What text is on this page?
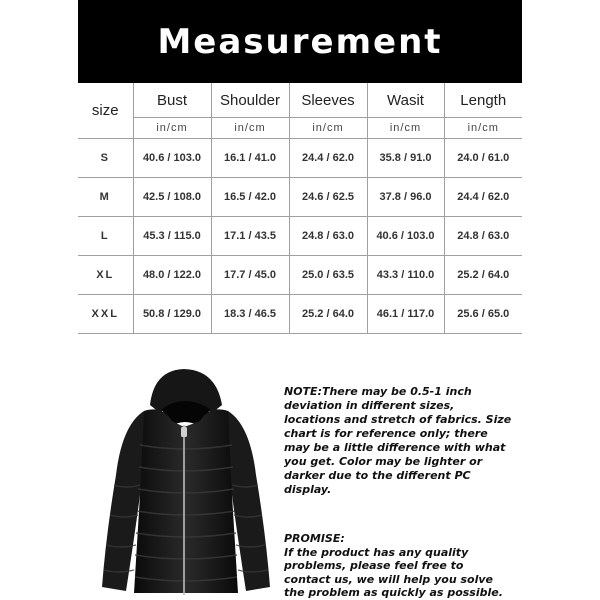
Measurement
size	Bust	Shoulder	Sleeves	Wasit	Length
	in/cm	in/cm	in/cm	in/cm	in/cm
S	40.6 / 103.0	16.1 / 41.0	24.4 / 62.0	35.8 / 91.0	24.0 / 61.0
M	42.5 / 108.0	16.5 / 42.0	24.6 / 62.5	37.8 / 96.0	24.4 / 62.0
L	45.3 / 115.0	17.1 / 43.5	24.8 / 63.0	40.6 / 103.0	24.8 / 63.0
XL	48.0 / 122.0	17.7 / 45.0	25.0 / 63.5	43.3 / 110.0	25.2 / 64.0
XXL	50.8 / 129.0	18.3 / 46.5	25.2 / 64.0	46.1 / 117.0	25.6 / 65.0
NOTE:There may be 0.5-1 inch deviation in different sizes, locations and stretch of fabrics. Size chart is for reference only; there may be a little difference with what you get. Color may be lighter or darker due to the different PC display.

PROMISE:

If the product has any quality problems, please feel free to contact us, we will help you solve the problem as quickly as possible.
